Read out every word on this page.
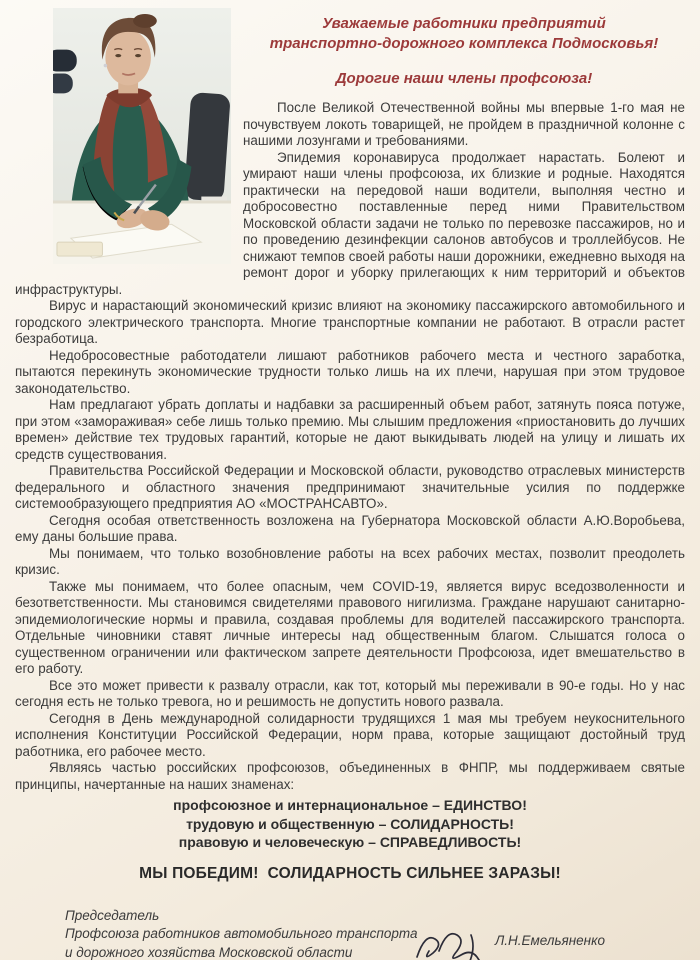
Уважаемые работники предприятий
транспортно-дорожного комплекса Подмосковья!

Дорогие наши члены профсоюза!

После Великой Отечественной войны мы впервые 1-го мая не почувствуем локоть товарищей, не пройдем в праздничной колонне с нашими лозунгами и требованиями.

Эпидемия коронавируса продолжает нарастать. Болеют и умирают наши члены профсоюза, их близкие и родные. Находятся практически на передовой наши водители, выполняя честно и добросовестно поставленные перед ними Правительством Московской области задачи не только по перевозке пассажиров, но и по проведению дезинфекции салонов автобусов и троллейбусов. Не снижают темпов своей работы наши дорожники, ежедневно выходя на ремонт дорог и уборку прилегающих к ним территорий и объектов инфраструктуры.

Вирус и нарастающий экономический кризис влияют на экономику пассажирского автомобильного и городского электрического транспорта. Многие транспортные компании не работают. В отрасли растет безработица.

Недобросовестные работодатели лишают работников рабочего места и честного заработка, пытаются перекинуть экономические трудности только лишь на их плечи, нарушая при этом трудовое законодательство.

Нам предлагают убрать доплаты и надбавки за расширенный объем работ, затянуть пояса потуже, при этом «замораживая» себе лишь только премию. Мы слышим предложения «приостановить до лучших времен» действие тех трудовых гарантий, которые не дают выкидывать людей на улицу и лишать их средств существования.

Правительства Российской Федерации и Московской области, руководство отраслевых министерств федерального и областного значения предпринимают значительные усилия по поддержке системообразующего предприятия АО «МОСТРАНСАВТО».

Сегодня особая ответственность возложена на Губернатора Московской области А.Ю.Воробьева, ему даны большие права.

Мы понимаем, что только возобновление работы на всех рабочих местах, позволит преодолеть кризис.

Также мы понимаем, что более опасным, чем COVID-19, является вирус вседозволенности и безответственности. Мы становимся свидетелями правового нигилизма. Граждане нарушают санитарно-эпидемиологические нормы и правила, создавая проблемы для водителей пассажирского транспорта. Отдельные чиновники ставят личные интересы над общественным благом. Слышатся голоса о существенном ограничении или фактическом запрете деятельности Профсоюза, идет вмешательство в его работу.

Все это может привести к развалу отрасли, как тот, который мы переживали в 90-е годы. Но у нас сегодня есть не только тревога, но и решимость не допустить нового развала.

Сегодня в День международной солидарности трудящихся 1 мая мы требуем неукоснительного исполнения Конституции Российской Федерации, норм права, которые защищают достойный труд работника, его рабочее место.

Являясь частью российских профсоюзов, объединенных в ФНПР, мы поддерживаем святые принципы, начертанные на наших знаменах:

профсоюзное и интернациональное – ЕДИНСТВО!

трудовую и общественную – СОЛИДАРНОСТЬ!

правовую и человеческую – СПРАВЕДЛИВОСТЬ!

МЫ ПОБЕДИМ!  СОЛИДАРНОСТЬ СИЛЬНЕЕ ЗАРАЗЫ!

Председатель

Профсоюза работников автомобильного транспорта

и дорожного хозяйства Московской области

Л.Н.Емельяненко
